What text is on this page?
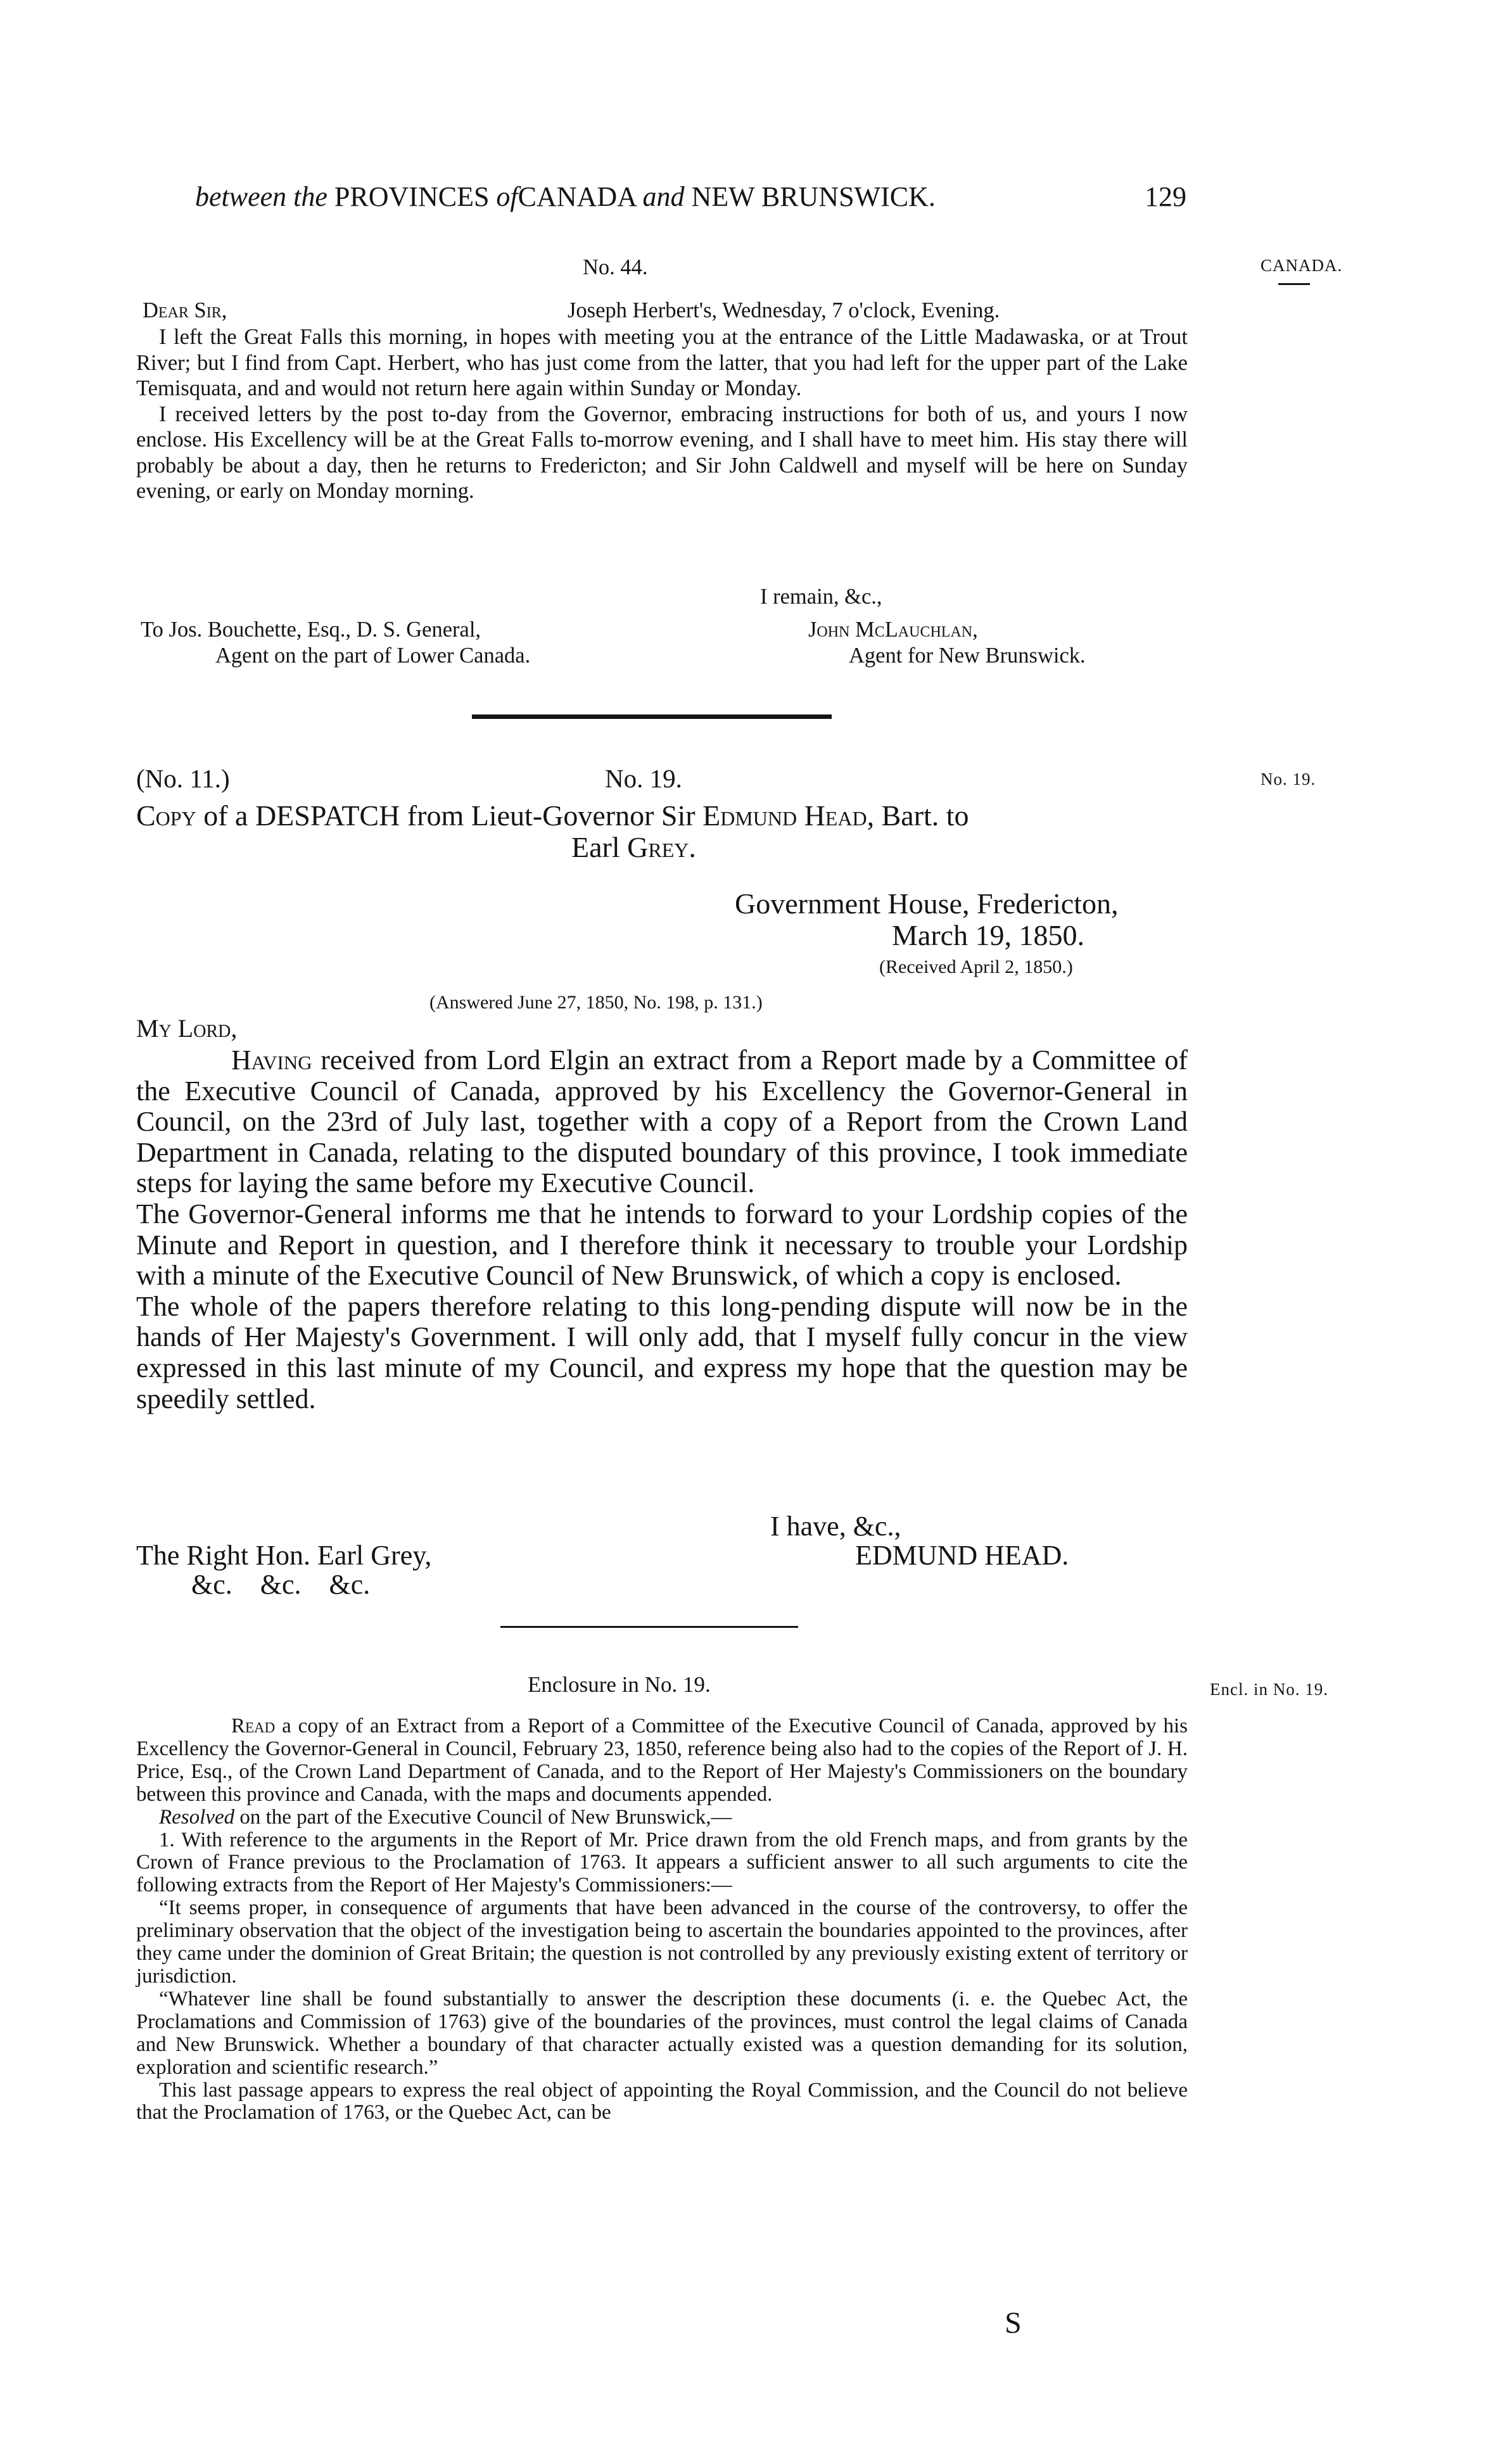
between the PROVINCES ofCANADA and NEW BRUNSWICK.	129
CANADA.
No. 19.
Encl. in No. 19.
No. 44.
Dear Sir,	Joseph Herbert's, Wednesday, 7 o'clock, Evening.

I left the Great Falls this morning, in hopes with meeting you at the entrance of the Little Madawaska, or at Trout River; but I find from Capt. Herbert, who has just come from the latter, that you had left for the upper part of the Lake Temisquata, and and would not return here again within Sunday or Monday.

I received letters by the post to-day from the Governor, embracing instructions for both of us, and yours I now enclose. His Excellency will be at the Great Falls to-morrow evening, and I shall have to meet him. His stay there will probably be about a day, then he returns to Fredericton; and Sir John Caldwell and myself will be here on Sunday evening, or early on Monday morning.

I remain, &c.,
To Jos. Bouchette, Esq., D. S. General,
Agent on the part of Lower Canada.
John McLauchlan,
Agent for New Brunswick.
(No. 11.)	No. 19.
Copy of a DESPATCH from Lieut-Governor Sir Edmund Head, Bart. to
Earl Grey.
Government House, Fredericton,
March 19, 1850.
(Received April 2, 1850.)
(Answered June 27, 1850, No. 198, p. 131.)
My Lord,

Having received from Lord Elgin an extract from a Report made by a Committee of the Executive Council of Canada, approved by his Excellency the Governor-General in Council, on the 23rd of July last, together with a copy of a Report from the Crown Land Department in Canada, relating to the disputed boundary of this province, I took immediate steps for laying the same before my Executive Council.

The Governor-General informs me that he intends to forward to your Lordship copies of the Minute and Report in question, and I therefore think it necessary to trouble your Lordship with a minute of the Executive Council of New Brunswick, of which a copy is enclosed.

The whole of the papers therefore relating to this long-pending dispute will now be in the hands of Her Majesty's Government. I will only add, that I myself fully concur in the view expressed in this last minute of my Council, and express my hope that the question may be speedily settled.

I have, &c.,
The Right Hon. Earl Grey,
&c.    &c.    &c.
EDMUND HEAD.
Enclosure in No. 19.

Read a copy of an Extract from a Report of a Committee of the Executive Council of Canada, approved by his Excellency the Governor-General in Council, February 23, 1850, reference being also had to the copies of the Report of J. H. Price, Esq., of the Crown Land Department of Canada, and to the Report of Her Majesty's Commissioners on the boundary between this province and Canada, with the maps and documents appended.

Resolved on the part of the Executive Council of New Brunswick,—

1. With reference to the arguments in the Report of Mr. Price drawn from the old French maps, and from grants by the Crown of France previous to the Proclamation of 1763. It appears a sufficient answer to all such arguments to cite the following extracts from the Report of Her Majesty's Commissioners:—

“It seems proper, in consequence of arguments that have been advanced in the course of the controversy, to offer the preliminary observation that the object of the investigation being to ascertain the boundaries appointed to the provinces, after they came under the dominion of Great Britain; the question is not controlled by any previously existing extent of territory or jurisdiction.

“Whatever line shall be found substantially to answer the description these documents (i. e. the Quebec Act, the Proclamations and Commission of 1763) give of the boundaries of the provinces, must control the legal claims of Canada and New Brunswick. Whether a boundary of that character actually existed was a question demanding for its solution, exploration and scientific research.”

This last passage appears to express the real object of appointing the Royal Commission, and the Council do not believe that the Proclamation of 1763, or the Quebec Act, can be

S
